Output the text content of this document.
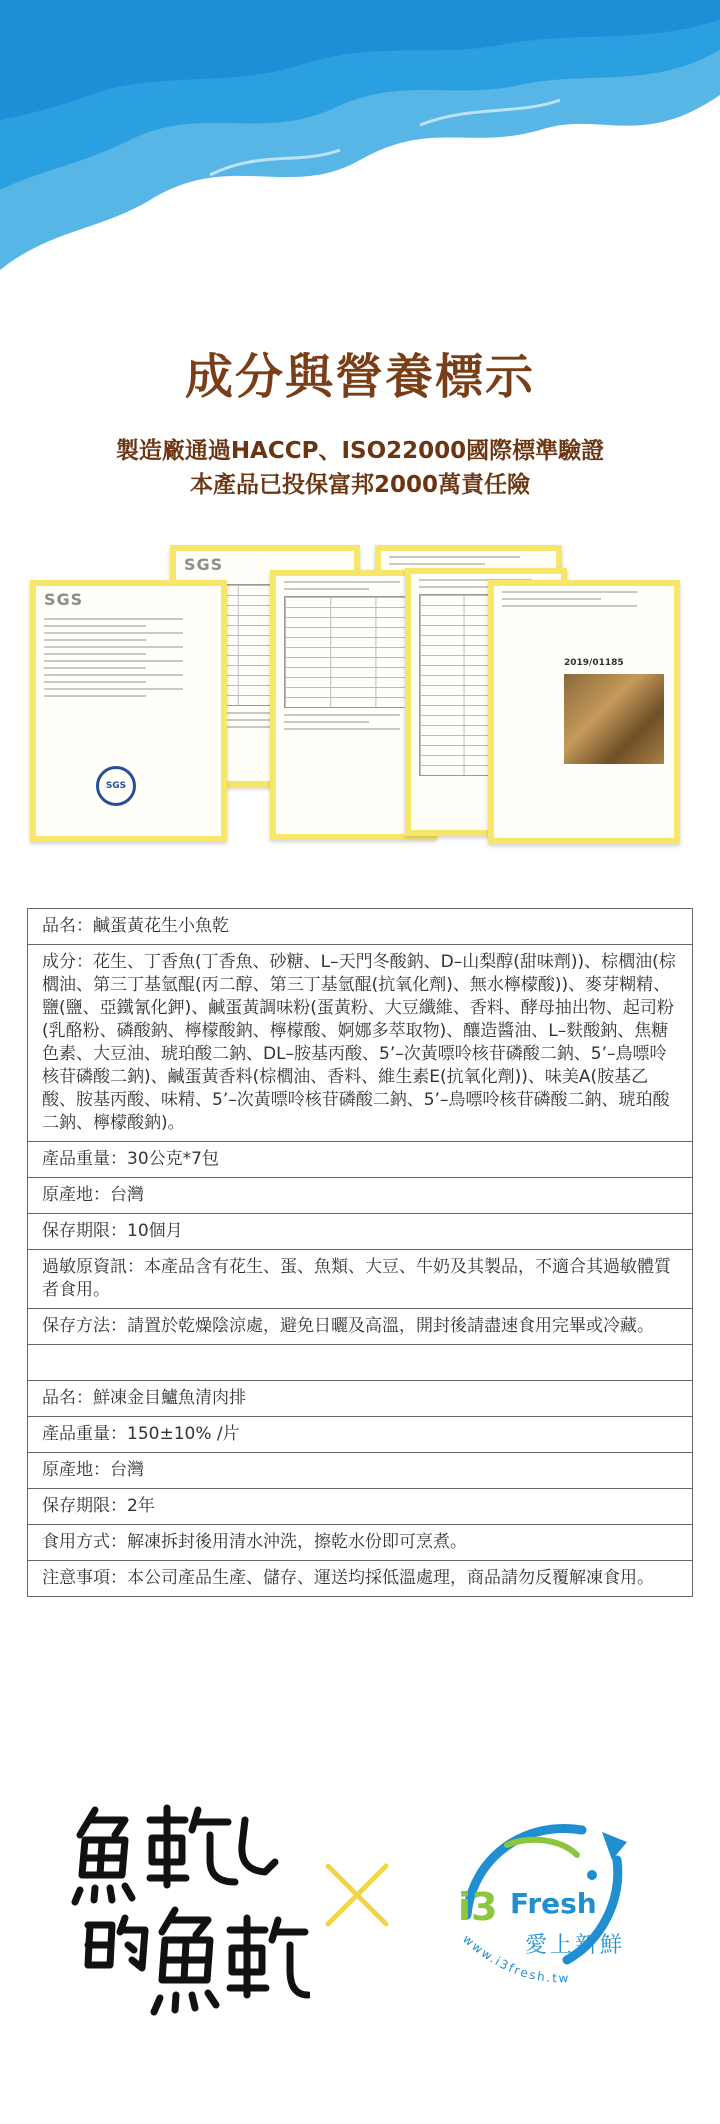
成分與營養標示

製造廠通過HACCP、ISO22000國際標準驗證

本產品已投保富邦2000萬責任險

SGS
SGS
SGS
2019/01185
品名：鹹蛋黃花生小魚乾
成分：花生、丁香魚(丁香魚、砂糖、L–天門冬酸鈉、D–山梨醇(甜味劑))、棕櫚油(棕櫚油、第三丁基氫醌(丙二醇、第三丁基氫醌(抗氧化劑)、無水檸檬酸))、麥芽糊精、鹽(鹽、亞鐵氰化鉀)、鹹蛋黃調味粉(蛋黃粉、大豆纖維、香料、酵母抽出物、起司粉(乳酪粉、磷酸鈉、檸檬酸鈉、檸檬酸、婀娜多萃取物)、釀造醬油、L–麩酸鈉、焦糖色素、大豆油、琥珀酸二鈉、DL–胺基丙酸、5’–次黃嘌呤核苷磷酸二鈉、5’–鳥嘌呤核苷磷酸二鈉)、鹹蛋黃香料(棕櫚油、香料、維生素E(抗氧化劑))、味美A(胺基乙酸、胺基丙酸、味精、5’–次黃嘌呤核苷磷酸二鈉、5’–鳥嘌呤核苷磷酸二鈉、琥珀酸二鈉、檸檬酸鈉)。
產品重量：30公克*7包
原產地：台灣
保存期限：10個月
過敏原資訊：本產品含有花生、蛋、魚類、大豆、牛奶及其製品，不適合其過敏體質者食用。
保存方法：請置於乾燥陰涼處，避免日曬及高溫，開封後請盡速食用完畢或冷藏。
品名：鮮凍金目鱸魚清肉排
產品重量：150±10% /片
原產地：台灣
保存期限：2年
食用方式：解凍拆封後用清水沖洗，擦乾水份即可烹煮。
注意事項：本公司產品生產、儲存、運送均採低溫處理，商品請勿反覆解凍食用。
i3 Fresh
愛上新鮮
www.i3fresh.tw
